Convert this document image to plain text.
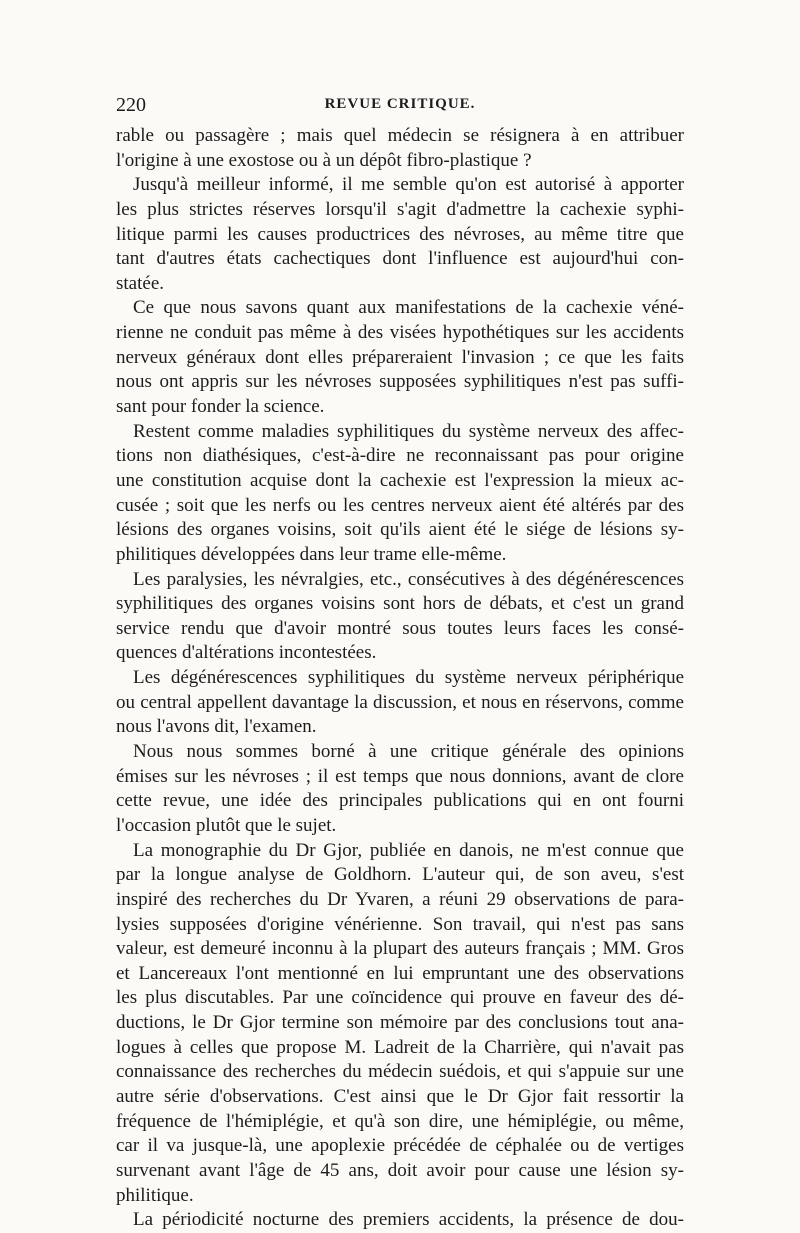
220	REVUE CRITIQUE.
rable ou passagère ; mais quel médecin se résignera à en attribuer
l'origine à une exostose ou à un dépôt fibro-plastique ?
Jusqu'à meilleur informé, il me semble qu'on est autorisé à apporter
les plus strictes réserves lorsqu'il s'agit d'admettre la cachexie syphi-
litique parmi les causes productrices des névroses, au même titre que
tant d'autres états cachectiques dont l'influence est aujourd'hui con-
statée.
Ce que nous savons quant aux manifestations de la cachexie véné-
rienne ne conduit pas même à des visées hypothétiques sur les accidents
nerveux généraux dont elles prépareraient l'invasion ; ce que les faits
nous ont appris sur les névroses supposées syphilitiques n'est pas suffi-
sant pour fonder la science.
Restent comme maladies syphilitiques du système nerveux des affec-
tions non diathésiques, c'est-à-dire ne reconnaissant pas pour origine
une constitution acquise dont la cachexie est l'expression la mieux ac-
cusée ; soit que les nerfs ou les centres nerveux aient été altérés par des
lésions des organes voisins, soit qu'ils aient été le siége de lésions sy-
philitiques développées dans leur trame elle-même.
Les paralysies, les névralgies, etc., consécutives à des dégénérescences
syphilitiques des organes voisins sont hors de débats, et c'est un grand
service rendu que d'avoir montré sous toutes leurs faces les consé-
quences d'altérations incontestées.
Les dégénérescences syphilitiques du système nerveux périphérique
ou central appellent davantage la discussion, et nous en réservons, comme
nous l'avons dit, l'examen.
Nous nous sommes borné à une critique générale des opinions
émises sur les névroses ; il est temps que nous donnions, avant de clore
cette revue, une idée des principales publications qui en ont fourni
l'occasion plutôt que le sujet.
La monographie du Dr Gjor, publiée en danois, ne m'est connue que
par la longue analyse de Goldhorn. L'auteur qui, de son aveu, s'est
inspiré des recherches du Dr Yvaren, a réuni 29 observations de para-
lysies supposées d'origine vénérienne. Son travail, qui n'est pas sans
valeur, est demeuré inconnu à la plupart des auteurs français ; MM. Gros
et Lancereaux l'ont mentionné en lui empruntant une des observations
les plus discutables. Par une coïncidence qui prouve en faveur des dé-
ductions, le Dr Gjor termine son mémoire par des conclusions tout ana-
logues à celles que propose M. Ladreit de la Charrière, qui n'avait pas
connaissance des recherches du médecin suédois, et qui s'appuie sur une
autre série d'observations. C'est ainsi que le Dr Gjor fait ressortir la
fréquence de l'hémiplégie, et qu'à son dire, une hémiplégie, ou même,
car il va jusque-là, une apoplexie précédée de céphalée ou de vertiges
survenant avant l'âge de 45 ans, doit avoir pour cause une lésion sy-
philitique.
La périodicité nocturne des premiers accidents, la présence de dou-
